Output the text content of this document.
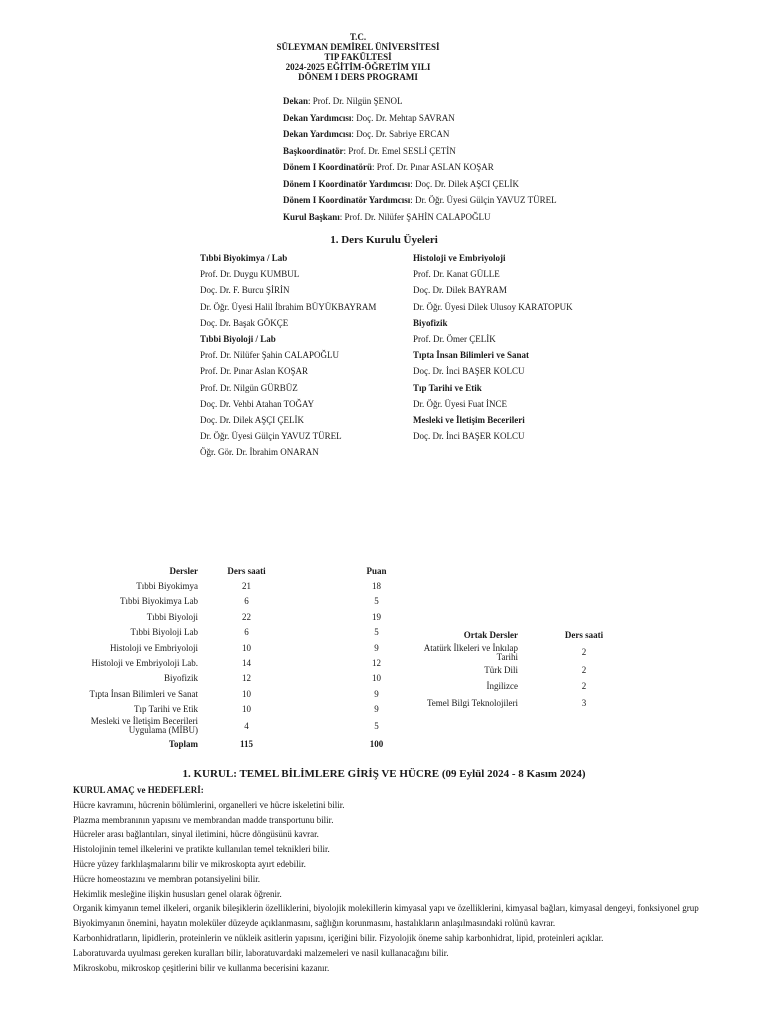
T.C.
SÜLEYMAN DEMİREL ÜNİVERSİTESİ
TIP FAKÜLTESİ
2024-2025 EĞİTİM-ÖĞRETİM YILI
DÖNEM I DERS PROGRAMI
Dekan: Prof. Dr. Nilgün ŞENOL
Dekan Yardımcısı: Doç. Dr. Mehtap SAVRAN
Dekan Yardımcısı: Doç. Dr. Sabriye ERCAN
Başkoordinatör: Prof. Dr. Emel SESLİ ÇETİN
Dönem I Koordinatörü: Prof. Dr. Pınar ASLAN KOŞAR
Dönem I Koordinatör Yardımcısı: Doç. Dr. Dilek AŞCI ÇELİK
Dönem I Koordinatör Yardımcısı: Dr. Öğr. Üyesi Gülçin YAVUZ TÜREL
Kurul Başkanı: Prof. Dr. Nilüfer ŞAHİN CALAPOĞLU
1. Ders Kurulu Üyeleri
Tıbbi Biyokimya / Lab
Prof. Dr. Duygu KUMBUL
Doç. Dr. F. Burcu ŞİRİN
Dr. Öğr. Üyesi Halil İbrahim BÜYÜKBAYRAM
Doç. Dr. Başak GÖKÇE
Tıbbi Biyoloji / Lab
Prof. Dr. Nilüfer Şahin CALAPOĞLU
Prof. Dr. Pınar Aslan KOŞAR
Prof. Dr. Nilgün GÜRBÜZ
Doç. Dr. Vehbi Atahan TOĞAY
Doç. Dr. Dilek AŞÇI ÇELİK
Dr. Öğr. Üyesi Gülçin YAVUZ TÜREL
Öğr. Gör. Dr. İbrahim ONARAN
Histoloji ve Embriyoloji
Prof. Dr. Kanat GÜLLE
Doç. Dr. Dilek BAYRAM
Dr. Öğr. Üyesi Dilek Ulusoy KARATOPUK
Biyofizik
Prof. Dr. Ömer ÇELİK
Tıpta İnsan Bilimleri ve Sanat
Doç. Dr. İnci BAŞER KOLCU
Tıp Tarihi ve Etik
Dr. Öğr. Üyesi Fuat İNCE
Mesleki ve İletişim Becerileri
Doç. Dr. İnci BAŞER KOLCU
Dersler	Ders saati	Puan
Tıbbi Biyokimya	21	18
Tıbbi Biyokimya Lab	6	5
Tıbbi Biyoloji	22	19
Tıbbi Biyoloji Lab	6	5
Histoloji ve Embriyoloji	10	9
Histoloji ve Embriyoloji Lab.	14	12
Biyofizik	12	10
Tıpta İnsan Bilimleri ve Sanat	10	9
Tıp Tarihi ve Etik	10	9
Mesleki ve İletişim Becerileri Uygulama (MİBU)	4	5
Toplam	115	100
Ortak Dersler	Ders saati
Atatürk İlkeleri ve İnkılap Tarihi	2
Türk Dili	2
İngilizce	2
Temel Bilgi Teknolojileri	3
1. KURUL: TEMEL BİLİMLERE GİRİŞ VE HÜCRE (09 Eylül 2024 - 8 Kasım 2024)
KURUL AMAÇ ve HEDEFLERİ:
Hücre kavramını, hücrenin bölümlerini, organelleri ve hücre iskeletini bilir.
Plazma membranının yapısını ve membrandan madde transportunu bilir.
Hücreler arası bağlantıları, sinyal iletimini, hücre döngüsünü kavrar.
Histolojinin temel ilkelerini ve pratikte kullanılan temel teknikleri bilir.
Hücre yüzey farklılaşmalarını bilir ve mikroskopta ayırt edebilir.
Hücre homeostazını ve membran potansiyelini bilir.
Hekimlik mesleğine ilişkin hususları genel olarak öğrenir.
Organik kimyanın temel ilkeleri, organik bileşiklerin özelliklerini, biyolojik molekillerin kimyasal yapı ve özelliklerini, kimyasal bağları, kimyasal dengeyi, fonksiyonel grup
Biyokimyanın önemini, hayatın moleküler düzeyde açıklanmasını, sağlığın korunmasını, hastalıkların anlaşılmasındaki rolünü kavrar.
Karbonhidratların, lipidlerin, proteinlerin ve nükleik asitlerin yapısını, içeriğini bilir. Fizyolojik öneme sahip karbonhidrat, lipid, proteinleri açıklar.
Laboratuvarda uyulması gereken kuralları bilir, laboratuvardaki malzemeleri ve nasil kullanacağını bilir.
Mikroskobu, mikroskop çeşitlerini bilir ve kullanma becerisini kazanır.
